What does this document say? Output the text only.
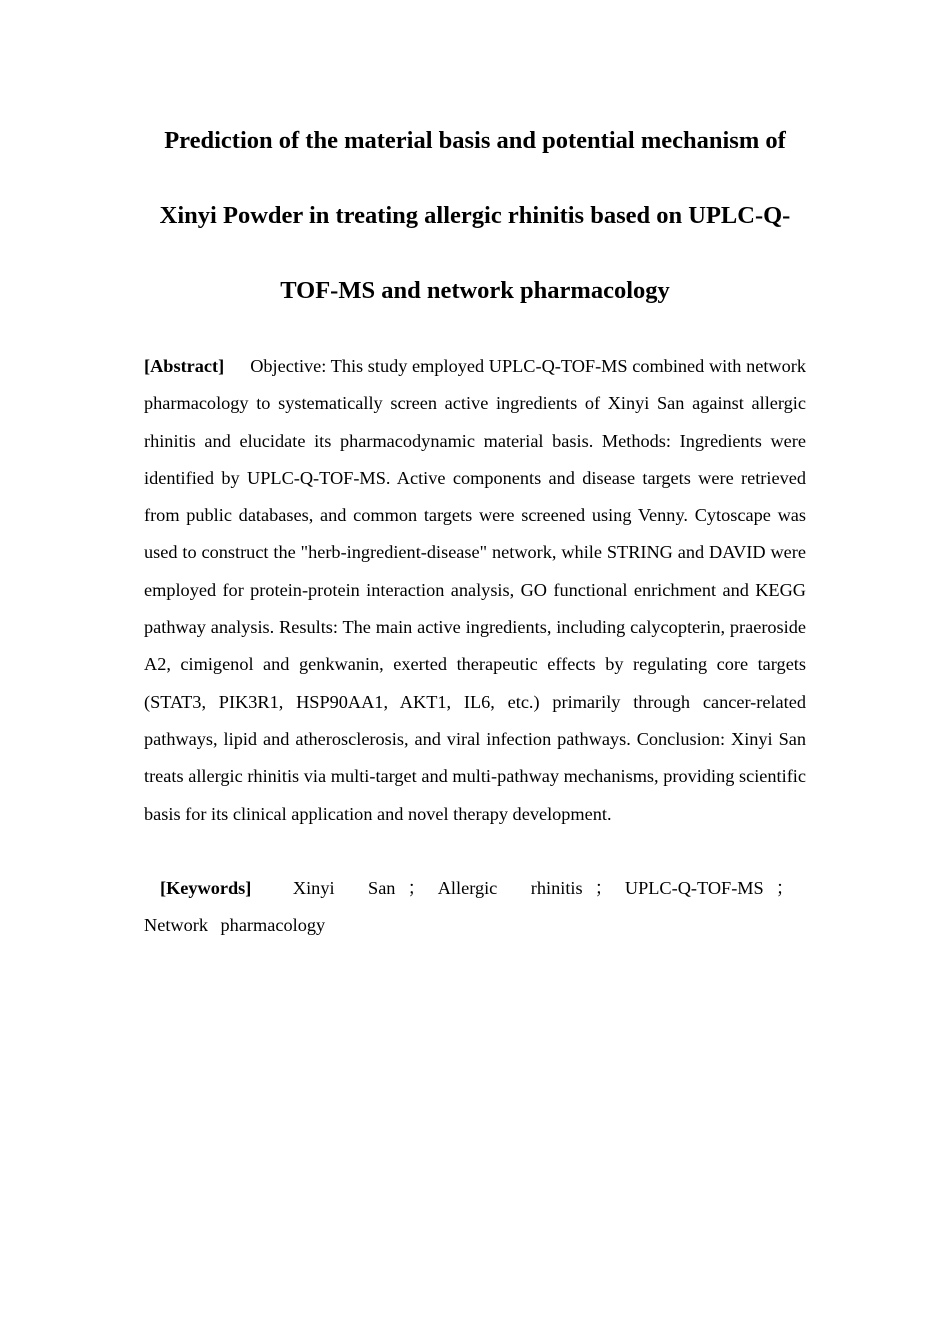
Prediction of the material basis and potential mechanism of
Xinyi Powder in treating allergic rhinitis based on UPLC-Q-
TOF-MS and network pharmacology

[Abstract] Objective: This study employed UPLC-Q-TOF-MS combined with network pharmacology to systematically screen active ingredients of Xinyi San against allergic rhinitis and elucidate its pharmacodynamic material basis. Methods: Ingredients were identified by UPLC-Q-TOF-MS. Active components and disease targets were retrieved from public databases, and common targets were screened using Venny. Cytoscape was used to construct the "herb-ingredient-disease" network, while STRING and DAVID were employed for protein-protein interaction analysis, GO functional enrichment and KEGG pathway analysis. Results: The main active ingredients, including calycopterin, praeroside A2, cimigenol and genkwanin, exerted therapeutic effects by regulating core targets (STAT3, PIK3R1, HSP90AA1, AKT1, IL6, etc.) primarily through cancer-related pathways, lipid and atherosclerosis, and viral infection pathways. Conclusion: Xinyi San treats allergic rhinitis via multi-target and multi-pathway mechanisms, providing scientific basis for its clinical application and novel therapy development.

[Keywords] Xinyi San ； Allergic rhinitis ； UPLC-Q-TOF-MS ；Network pharmacology
